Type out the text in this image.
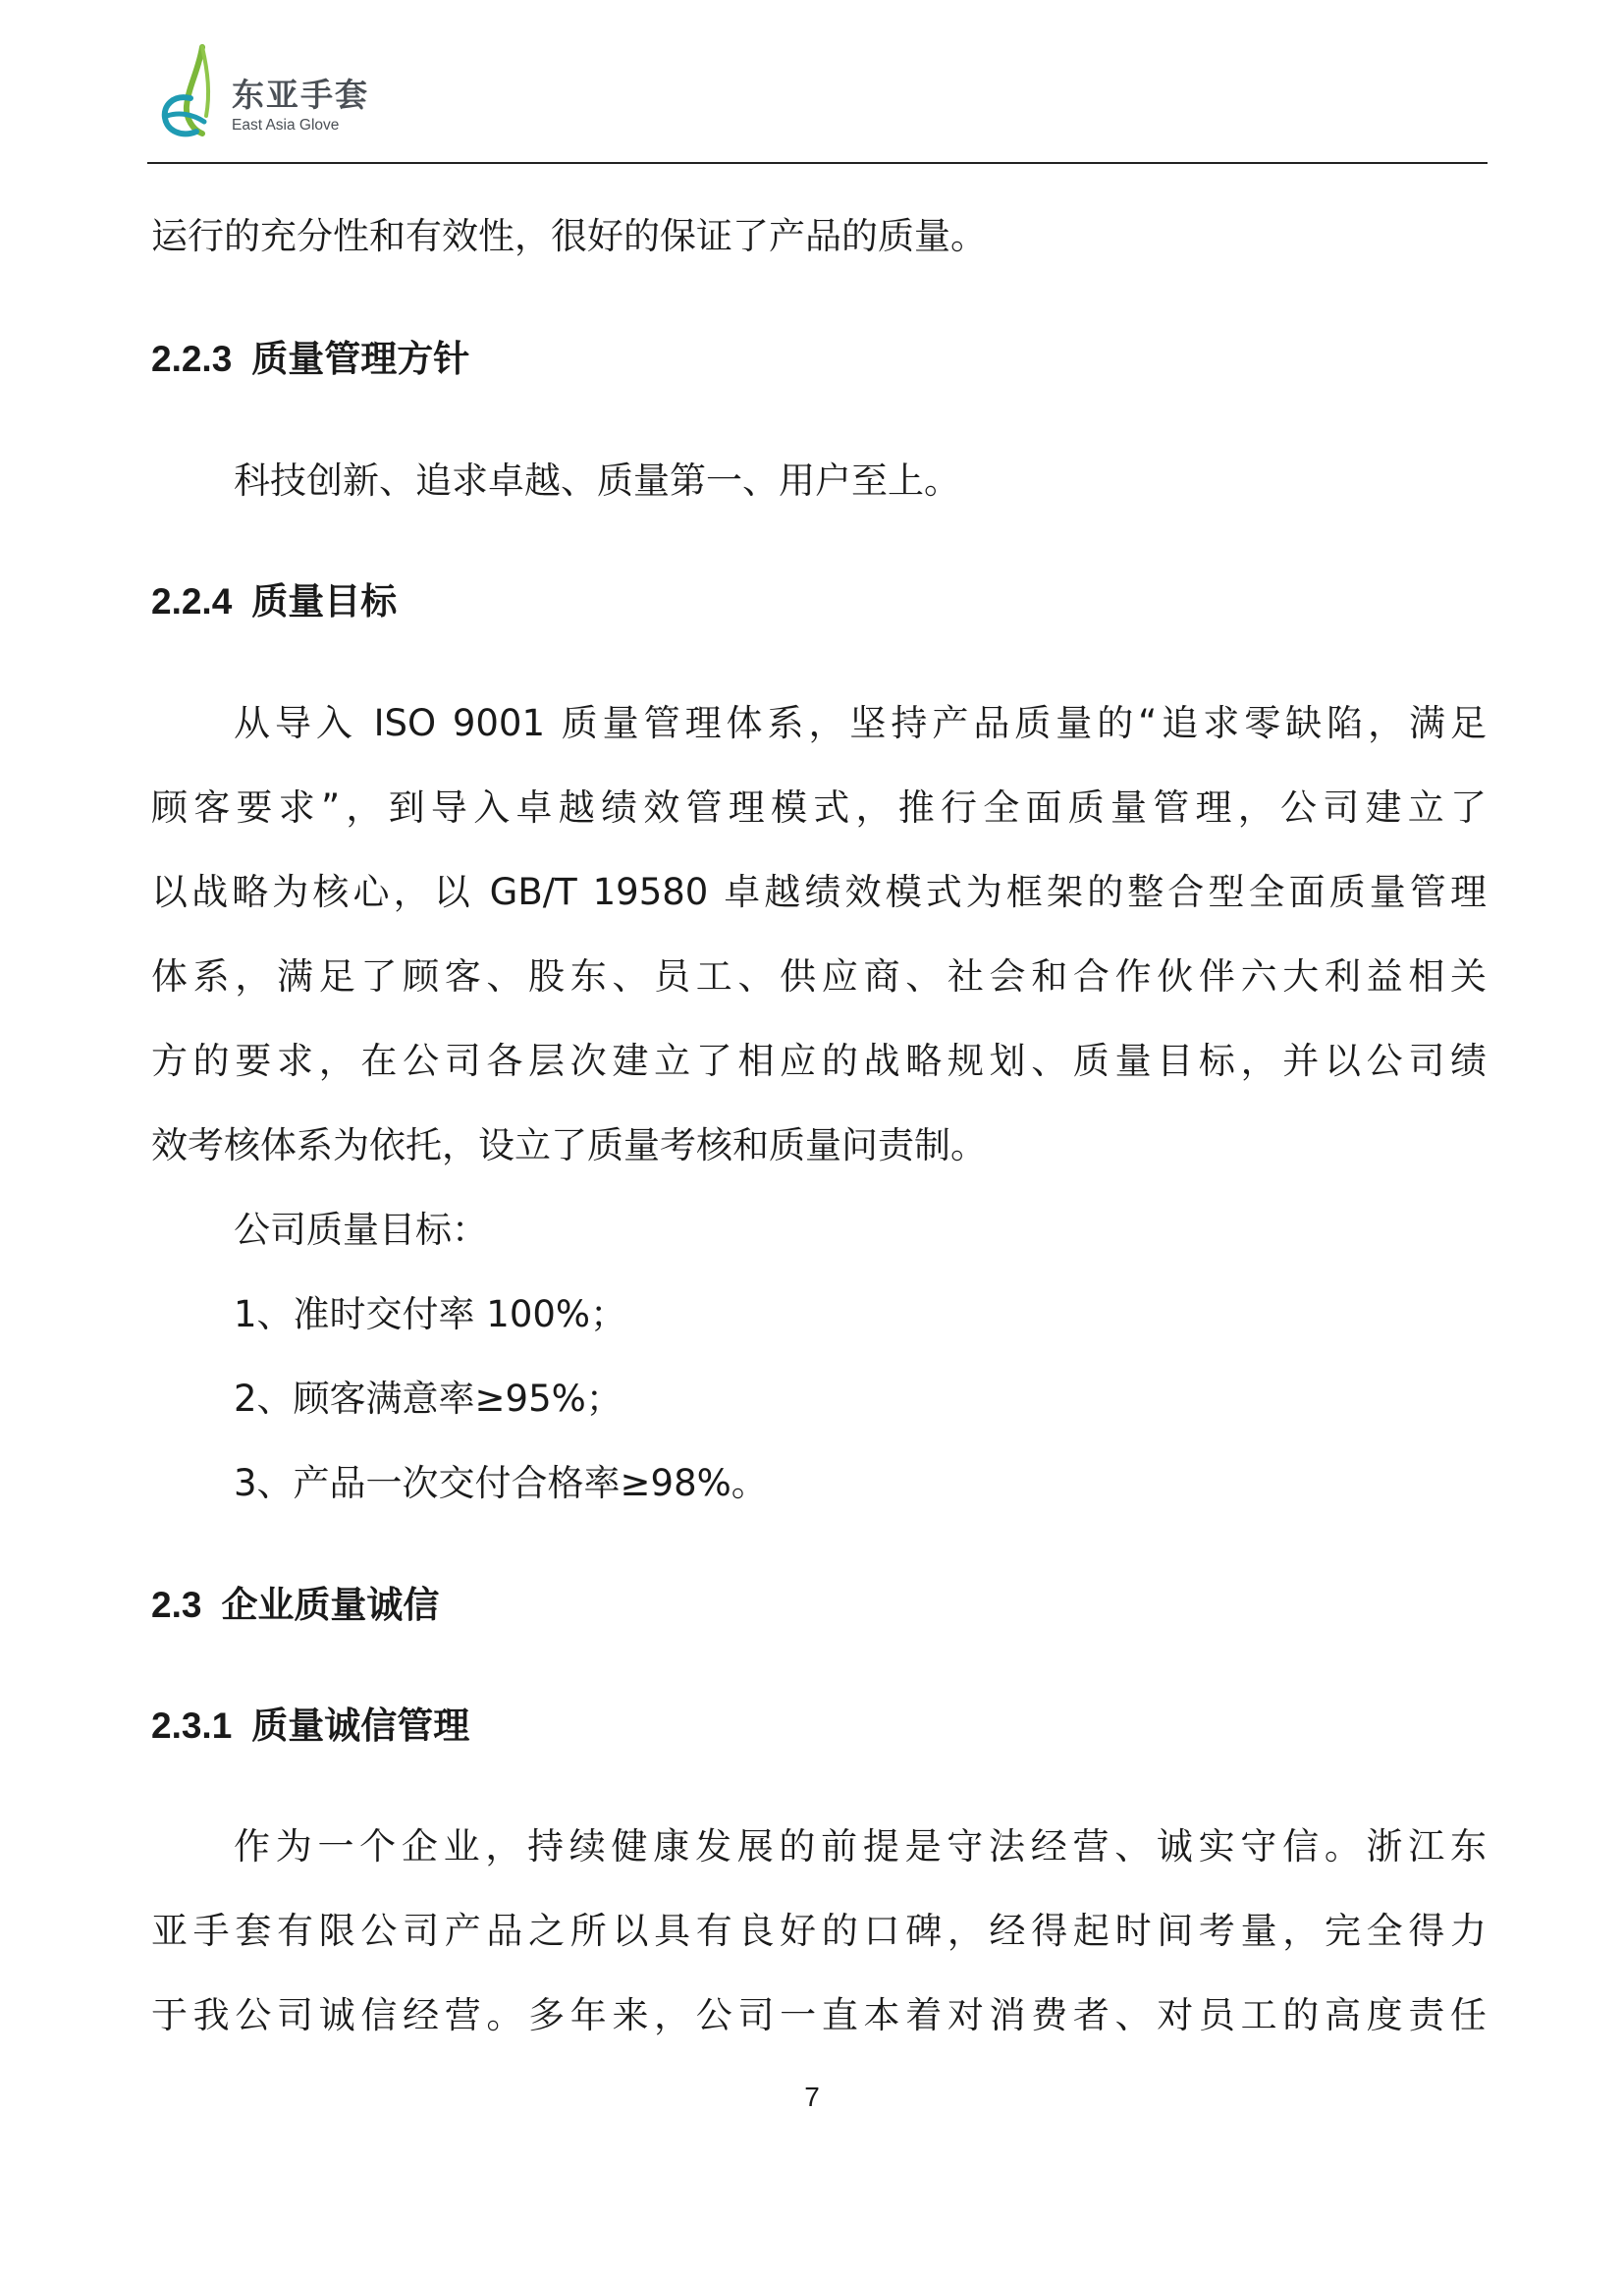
东亚手套
East Asia Glove
运行的充分性和有效性，很好的保证了产品的质量。
2.2.3 质量管理方针
科技创新、追求卓越、质量第一、用户至上。
2.2.4 质量目标
从导入 ISO 9001 质量管理体系，坚持产品质量的“追求零缺陷，满足
顾客要求”，到导入卓越绩效管理模式，推行全面质量管理，公司建立了
以战略为核心，以 GB/T 19580 卓越绩效模式为框架的整合型全面质量管理
体系，满足了顾客、股东、员工、供应商、社会和合作伙伴六大利益相关
方的要求，在公司各层次建立了相应的战略规划、质量目标，并以公司绩
效考核体系为依托，设立了质量考核和质量问责制。
公司质量目标：
1、准时交付率 100%；
2、顾客满意率≥95%；
3、产品一次交付合格率≥98%。
2.3 企业质量诚信
2.3.1 质量诚信管理
作为一个企业，持续健康发展的前提是守法经营、诚实守信。浙江东
亚手套有限公司产品之所以具有良好的口碑，经得起时间考量，完全得力
于我公司诚信经营。多年来，公司一直本着对消费者、对员工的高度责任
7
